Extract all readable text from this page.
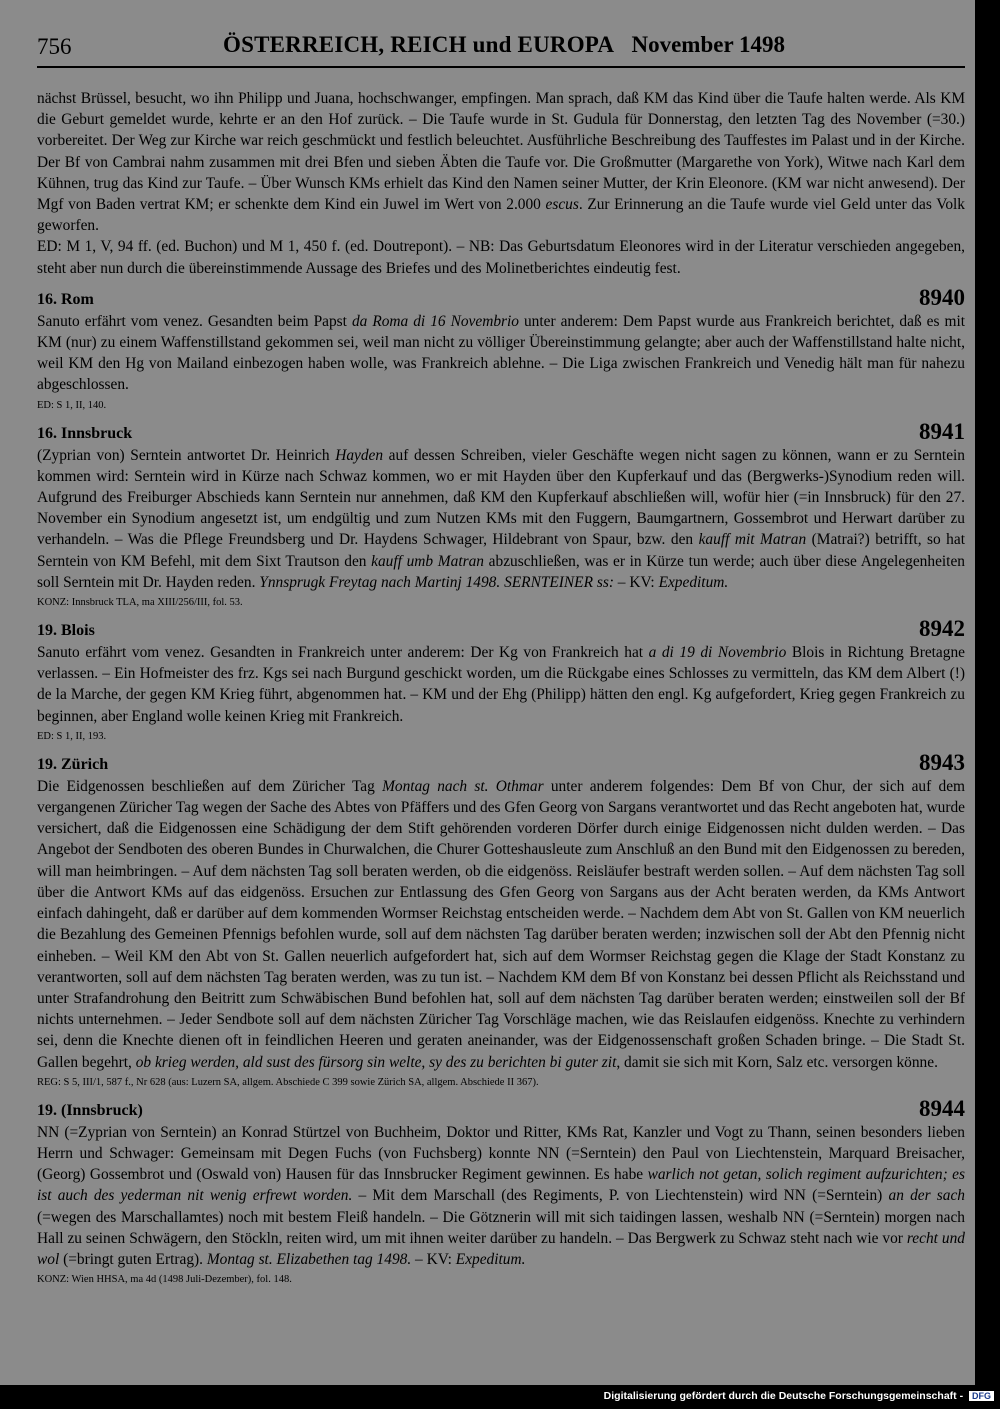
756	ÖSTERREICH, REICH und EUROPA November 1498

nächst Brüssel, besucht, wo ihn Philipp und Juana, hochschwanger, empfingen. Man sprach, daß KM das Kind über die Taufe halten werde. Als KM die Geburt gemeldet wurde, kehrte er an den Hof zurück. – Die Taufe wurde in St. Gudula für Donnerstag, den letzten Tag des November (=30.) vorbereitet. Der Weg zur Kirche war reich geschmückt und festlich beleuchtet. Ausführliche Beschreibung des Tauffestes im Palast und in der Kirche. Der Bf von Cambrai nahm zusammen mit drei Bfen und sieben Äbten die Taufe vor. Die Großmutter (Margarethe von York), Witwe nach Karl dem Kühnen, trug das Kind zur Taufe. – Über Wunsch KMs erhielt das Kind den Namen seiner Mutter, der Krin Eleonore. (KM war nicht anwesend). Der Mgf von Baden vertrat KM; er schenkte dem Kind ein Juwel im Wert von 2.000 escus. Zur Erinnerung an die Taufe wurde viel Geld unter das Volk geworfen.

ED: M 1, V, 94 ff. (ed. Buchon) und M 1, 450 f. (ed. Doutrepont). – NB: Das Geburtsdatum Eleonores wird in der Literatur verschieden angegeben, steht aber nun durch die übereinstimmende Aussage des Briefes und des Molinetberichtes eindeutig fest.

16. Rom	8940

Sanuto erfährt vom venez. Gesandten beim Papst da Roma di 16 Novembrio unter anderem: Dem Papst wurde aus Frankreich berichtet, daß es mit KM (nur) zu einem Waffenstillstand gekommen sei, weil man nicht zu völliger Übereinstimmung gelangte; aber auch der Waffenstillstand halte nicht, weil KM den Hg von Mailand einbezogen haben wolle, was Frankreich ablehne. – Die Liga zwischen Frankreich und Venedig hält man für nahezu abgeschlossen.

ED: S 1, II, 140.

16. Innsbruck	8941

(Zyprian von) Serntein antwortet Dr. Heinrich Hayden auf dessen Schreiben, vieler Geschäfte wegen nicht sagen zu können, wann er zu Serntein kommen wird: Serntein wird in Kürze nach Schwaz kommen, wo er mit Hayden über den Kupferkauf und das (Bergwerks-)Synodium reden will. Aufgrund des Freiburger Abschieds kann Serntein nur annehmen, daß KM den Kupferkauf abschließen will, wofür hier (=in Innsbruck) für den 27. November ein Synodium angesetzt ist, um endgültig und zum Nutzen KMs mit den Fuggern, Baumgartnern, Gossembrot und Herwart darüber zu verhandeln. – Was die Pflege Freundsberg und Dr. Haydens Schwager, Hildebrant von Spaur, bzw. den kauff mit Matran (Matrai?) betrifft, so hat Serntein von KM Befehl, mit dem Sixt Trautson den kauff umb Matran abzuschließen, was er in Kürze tun werde; auch über diese Angelegenheiten soll Serntein mit Dr. Hayden reden. Ynnsprugk Freytag nach Martinj 1498. SERNTEINER ss: – KV: Expeditum.

KONZ: Innsbruck TLA, ma XIII/256/III, fol. 53.

19. Blois	8942

Sanuto erfährt vom venez. Gesandten in Frankreich unter anderem: Der Kg von Frankreich hat a di 19 di Novembrio Blois in Richtung Bretagne verlassen. – Ein Hofmeister des frz. Kgs sei nach Burgund geschickt worden, um die Rückgabe eines Schlosses zu vermitteln, das KM dem Albert (!) de la Marche, der gegen KM Krieg führt, abgenommen hat. – KM und der Ehg (Philipp) hätten den engl. Kg aufgefordert, Krieg gegen Frankreich zu beginnen, aber England wolle keinen Krieg mit Frankreich.

ED: S 1, II, 193.

19. Zürich	8943

Die Eidgenossen beschließen auf dem Züricher Tag Montag nach st. Othmar unter anderem folgendes: Dem Bf von Chur, der sich auf dem vergangenen Züricher Tag wegen der Sache des Abtes von Pfäffers und des Gfen Georg von Sargans verantwortet und das Recht angeboten hat, wurde versichert, daß die Eidgenossen eine Schädigung der dem Stift gehörenden vorderen Dörfer durch einige Eidgenossen nicht dulden werden. – Das Angebot der Sendboten des oberen Bundes in Churwalchen, die Churer Gotteshausleute zum Anschluß an den Bund mit den Eidgenossen zu bereden, will man heimbringen. – Auf dem nächsten Tag soll beraten werden, ob die eidgenöss. Reisläufer bestraft werden sollen. – Auf dem nächsten Tag soll über die Antwort KMs auf das eidgenöss. Ersuchen zur Entlassung des Gfen Georg von Sargans aus der Acht beraten werden, da KMs Antwort einfach dahingeht, daß er darüber auf dem kommenden Wormser Reichstag entscheiden werde. – Nachdem dem Abt von St. Gallen von KM neuerlich die Bezahlung des Gemeinen Pfennigs befohlen wurde, soll auf dem nächsten Tag darüber beraten werden; inzwischen soll der Abt den Pfennig nicht einheben. – Weil KM den Abt von St. Gallen neuerlich aufgefordert hat, sich auf dem Wormser Reichstag gegen die Klage der Stadt Konstanz zu verantworten, soll auf dem nächsten Tag beraten werden, was zu tun ist. – Nachdem KM dem Bf von Konstanz bei dessen Pflicht als Reichsstand und unter Strafandrohung den Beitritt zum Schwäbischen Bund befohlen hat, soll auf dem nächsten Tag darüber beraten werden; einstweilen soll der Bf nichts unternehmen. – Jeder Sendbote soll auf dem nächsten Züricher Tag Vorschläge machen, wie das Reislaufen eidgenöss. Knechte zu verhindern sei, denn die Knechte dienen oft in feindlichen Heeren und geraten aneinander, was der Eidgenossenschaft großen Schaden bringe. – Die Stadt St. Gallen begehrt, ob krieg werden, ald sust des fürsorg sin welte, sy des zu berichten bi guter zit, damit sie sich mit Korn, Salz etc. versorgen könne.

REG: S 5, III/1, 587 f., Nr 628 (aus: Luzern SA, allgem. Abschiede C 399 sowie Zürich SA, allgem. Abschiede II 367).

19. (Innsbruck)	8944

NN (=Zyprian von Serntein) an Konrad Stürtzel von Buchheim, Doktor und Ritter, KMs Rat, Kanzler und Vogt zu Thann, seinen besonders lieben Herrn und Schwager: Gemeinsam mit Degen Fuchs (von Fuchsberg) konnte NN (=Serntein) den Paul von Liechtenstein, Marquard Breisacher, (Georg) Gossembrot und (Oswald von) Hausen für das Innsbrucker Regiment gewinnen. Es habe warlich not getan, solich regiment aufzurichten; es ist auch des yederman nit wenig erfrewt worden. – Mit dem Marschall (des Regiments, P. von Liechtenstein) wird NN (=Serntein) an der sach (=wegen des Marschallamtes) noch mit bestem Fleiß handeln. – Die Götznerin will mit sich taidingen lassen, weshalb NN (=Serntein) morgen nach Hall zu seinen Schwägern, den Stöckln, reiten wird, um mit ihnen weiter darüber zu handeln. – Das Bergwerk zu Schwaz steht nach wie vor recht und wol (=bringt guten Ertrag). Montag st. Elizabethen tag 1498. – KV: Expeditum.

KONZ: Wien HHSA, ma 4d (1498 Juli-Dezember), fol. 148.

Digitalisierung gefördert durch die Deutsche Forschungsgemeinschaft - DFG
